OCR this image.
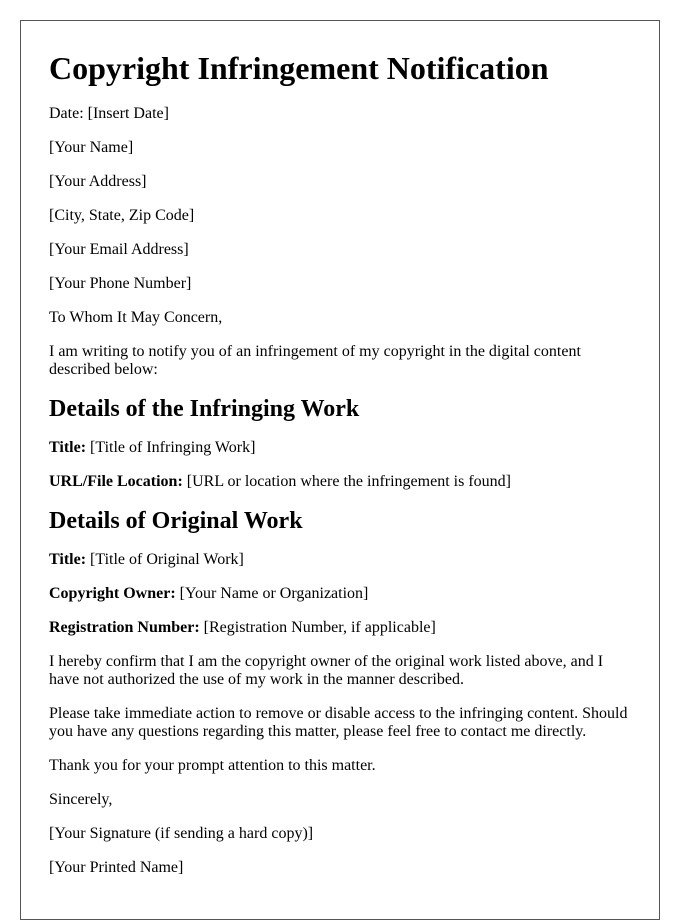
Copyright Infringement Notification

Date: [Insert Date]

[Your Name]

[Your Address]

[City, State, Zip Code]

[Your Email Address]

[Your Phone Number]

To Whom It May Concern,

I am writing to notify you of an infringement of my copyright in the digital content described below:

Details of the Infringing Work

Title: [Title of Infringing Work]

URL/File Location: [URL or location where the infringement is found]

Details of Original Work

Title: [Title of Original Work]

Copyright Owner: [Your Name or Organization]

Registration Number: [Registration Number, if applicable]

I hereby confirm that I am the copyright owner of the original work listed above, and I have not authorized the use of my work in the manner described.

Please take immediate action to remove or disable access to the infringing content. Should you have any questions regarding this matter, please feel free to contact me directly.

Thank you for your prompt attention to this matter.

Sincerely,

[Your Signature (if sending a hard copy)]

[Your Printed Name]
